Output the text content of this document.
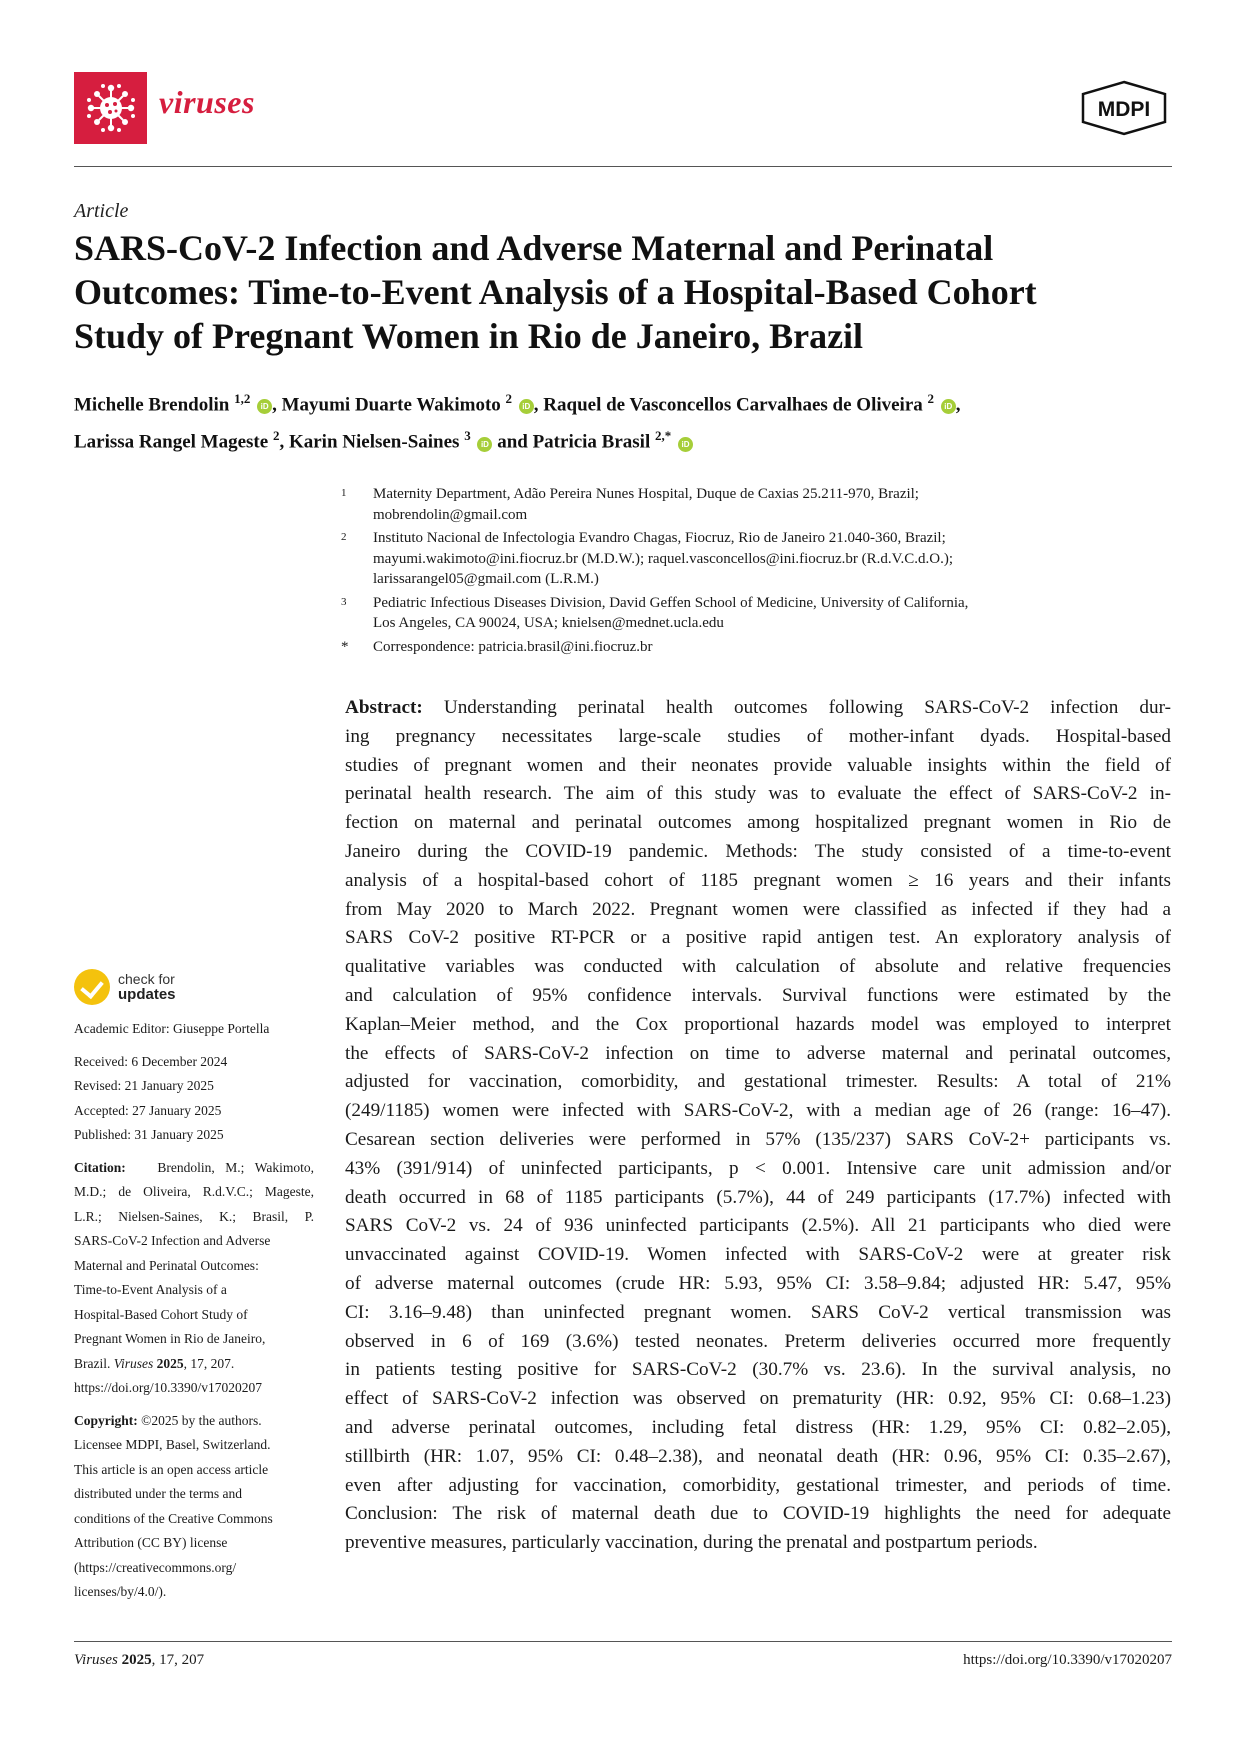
viruses	MDPI
Article
SARS-CoV-2 Infection and Adverse Maternal and Perinatal
Outcomes: Time-to-Event Analysis of a Hospital-Based Cohort
Study of Pregnant Women in Rio de Janeiro, Brazil
Michelle Brendolin $^{1,2}$ iD , Mayumi Duarte Wakimoto $^2$ iD , Raquel de Vasconcellos Carvalhaes de Oliveira $^2$ iD ,
Larissa Rangel Mageste $^2$, Karin Nielsen-Saines $^3$ iD and Patricia Brasil $^{2,*}$ iD
1 Maternity Department, Adão Pereira Nunes Hospital, Duque de Caxias 25.211-970, Brazil;
mobrendolin@gmail.com
2 Instituto Nacional de Infectologia Evandro Chagas, Fiocruz, Rio de Janeiro 21.040-360, Brazil;
mayumi.wakimoto@ini.fiocruz.br (M.D.W.); raquel.vasconcellos@ini.fiocruz.br (R.d.V.C.d.O.);
larissarangel05@gmail.com (L.R.M.)
3 Pediatric Infectious Diseases Division, David Geffen School of Medicine, University of California,
Los Angeles, CA 90024, USA; knielsen@mednet.ucla.edu
* Correspondence: patricia.brasil@ini.fiocruz.br
Abstract: Understanding perinatal health outcomes following SARS-CoV-2 infection dur-
ing pregnancy necessitates large-scale studies of mother-infant dyads. Hospital-based
studies of pregnant women and their neonates provide valuable insights within the field of
perinatal health research. The aim of this study was to evaluate the effect of SARS-CoV-2 in-
fection on maternal and perinatal outcomes among hospitalized pregnant women in Rio de
Janeiro during the COVID-19 pandemic. Methods: The study consisted of a time-to-event
analysis of a hospital-based cohort of 1185 pregnant women ≥ 16 years and their infants
from May 2020 to March 2022. Pregnant women were classified as infected if they had a
SARS CoV-2 positive RT-PCR or a positive rapid antigen test. An exploratory analysis of
qualitative variables was conducted with calculation of absolute and relative frequencies
and calculation of 95% confidence intervals. Survival functions were estimated by the
Kaplan–Meier method, and the Cox proportional hazards model was employed to interpret
the effects of SARS-CoV-2 infection on time to adverse maternal and perinatal outcomes,
adjusted for vaccination, comorbidity, and gestational trimester. Results: A total of 21%
(249/1185) women were infected with SARS-CoV-2, with a median age of 26 (range: 16–47).
Cesarean section deliveries were performed in 57% (135/237) SARS CoV-2+ participants vs.
43% (391/914) of uninfected participants, p < 0.001. Intensive care unit admission and/or
death occurred in 68 of 1185 participants (5.7%), 44 of 249 participants (17.7%) infected with
SARS CoV-2 vs. 24 of 936 uninfected participants (2.5%). All 21 participants who died were
unvaccinated against COVID-19. Women infected with SARS-CoV-2 were at greater risk
of adverse maternal outcomes (crude HR: 5.93, 95% CI: 3.58–9.84; adjusted HR: 5.47, 95%
CI: 3.16–9.48) than uninfected pregnant women. SARS CoV-2 vertical transmission was
observed in 6 of 169 (3.6%) tested neonates. Preterm deliveries occurred more frequently
in patients testing positive for SARS-CoV-2 (30.7% vs. 23.6). In the survival analysis, no
effect of SARS-CoV-2 infection was observed on prematurity (HR: 0.92, 95% CI: 0.68–1.23)
and adverse perinatal outcomes, including fetal distress (HR: 1.29, 95% CI: 0.82–2.05),
stillbirth (HR: 1.07, 95% CI: 0.48–2.38), and neonatal death (HR: 0.96, 95% CI: 0.35–2.67),
even after adjusting for vaccination, comorbidity, gestational trimester, and periods of time.
Conclusion: The risk of maternal death due to COVID-19 highlights the need for adequate
preventive measures, particularly vaccination, during the prenatal and postpartum periods.
check for
updates
Academic Editor: Giuseppe Portella
Received: 6 December 2024
Revised: 21 January 2025
Accepted: 27 January 2025
Published: 31 January 2025
Citation: Brendolin, M.; Wakimoto,
M.D.; de Oliveira, R.d.V.C.; Mageste,
L.R.; Nielsen-Saines, K.; Brasil, P.
SARS-CoV-2 Infection and Adverse
Maternal and Perinatal Outcomes:
Time-to-Event Analysis of a
Hospital-Based Cohort Study of
Pregnant Women in Rio de Janeiro,
Brazil. Viruses 2025, 17, 207.
https://doi.org/10.3390/v17020207
Copyright: ©2025 by the authors.
Licensee MDPI, Basel, Switzerland.
This article is an open access article
distributed under the terms and
conditions of the Creative Commons
Attribution (CC BY) license
(https://creativecommons.org/
licenses/by/4.0/).
Viruses 2025, 17, 207	https://doi.org/10.3390/v17020207
